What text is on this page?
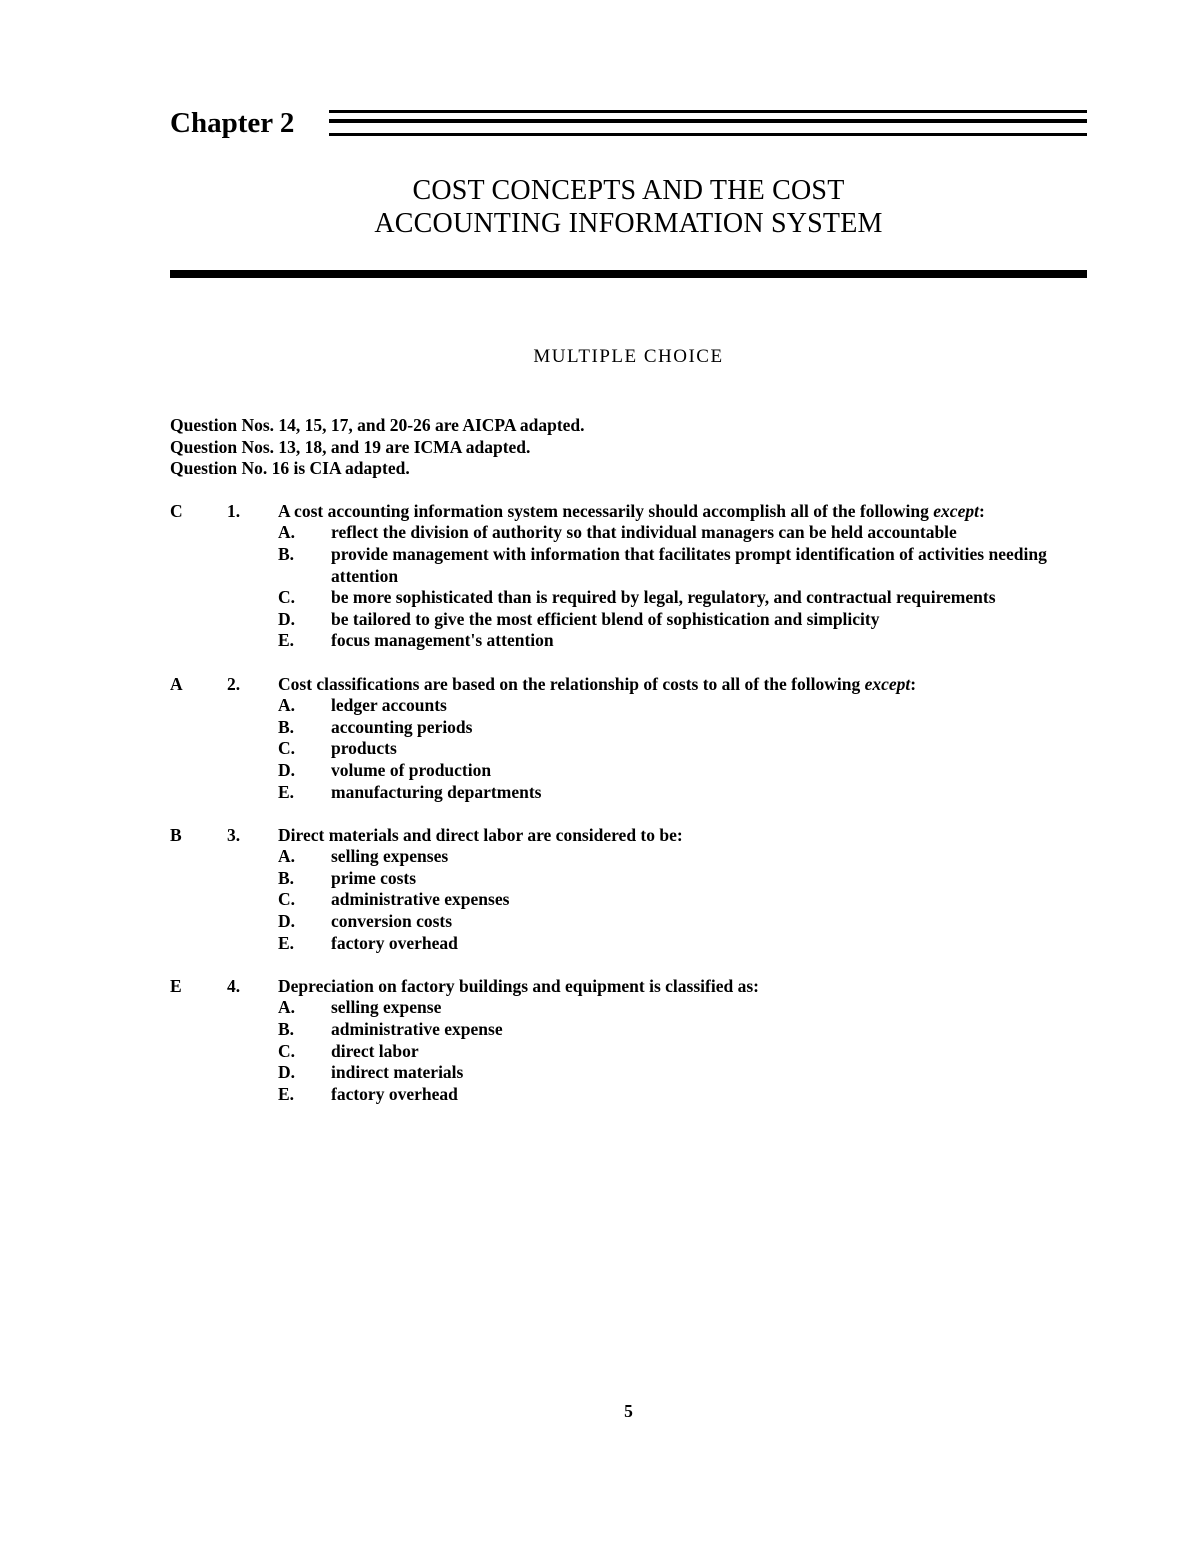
Chapter 2
COST CONCEPTS AND THE COST
ACCOUNTING INFORMATION SYSTEM
MULTIPLE CHOICE
Question Nos. 14, 15, 17, and 20-26 are AICPA adapted.
Question Nos. 13, 18, and 19 are ICMA adapted.
Question No. 16 is CIA adapted.
C	1. A cost accounting information system necessarily should accomplish all of the following except:
A. reflect the division of authority so that individual managers can be held accountable
B. provide management with information that facilitates prompt identification of activities needing attention
C. be more sophisticated than is required by legal, regulatory, and contractual requirements
D. be tailored to give the most efficient blend of sophistication and simplicity
E. focus management's attention
A	2. Cost classifications are based on the relationship of costs to all of the following except:
A. ledger accounts
B. accounting periods
C. products
D. volume of production
E. manufacturing departments
B	3. Direct materials and direct labor are considered to be:
A. selling expenses
B. prime costs
C. administrative expenses
D. conversion costs
E. factory overhead
E	4. Depreciation on factory buildings and equipment is classified as:
A. selling expense
B. administrative expense
C. direct labor
D. indirect materials
E. factory overhead
5
